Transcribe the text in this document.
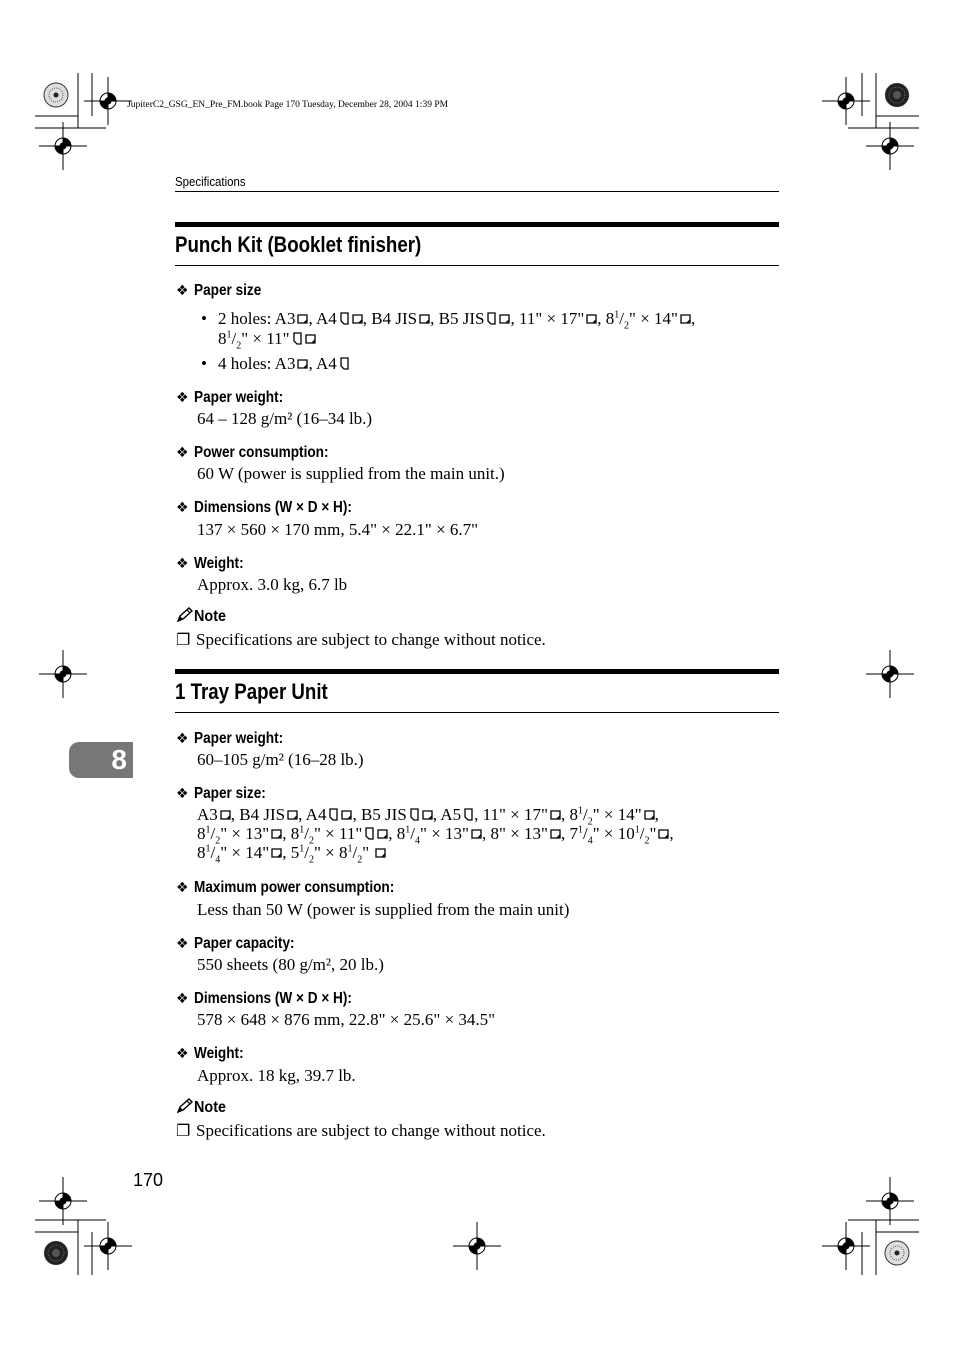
JupiterC2_GSG_EN_Pre_FM.book Page 170 Tuesday, December 28, 2004 1:39 PM
Specifications
Punch Kit (Booklet finisher)
❖ Paper size
• 2 holes: A3 , A4 , B4 JIS , B5 JIS , 11" × 17" , $8^1/_2$" × 14" ,
$8^1/_2$" × 11"
• 4 holes: A3 , A4
❖ Paper weight:
64 – 128 g/m² (16–34 lb.)
❖ Power consumption:
60 W (power is supplied from the main unit.)
❖ Dimensions (W × D × H):
137 × 560 × 170 mm, 5.4" × 22.1" × 6.7"
❖ Weight:
Approx. 3.0 kg, 6.7 lb
Note
❐ Specifications are subject to change without notice.
1 Tray Paper Unit
❖ Paper weight:
60–105 g/m² (16–28 lb.)
❖ Paper size:
A3 , B4 JIS , A4 , B5 JIS , A5 , 11" × 17" , $8^1/_2$" × 14" ,
$8^1/_2$" × 13" , $8^1/_2$" × 11" , $8^1/_4$" × 13" , 8" × 13" , $7^1/_4$" × $10^1/_2$" ,
$8^1/_4$" × 14" , $5^1/_2$" × $8^1/_2$"
❖ Maximum power consumption:
Less than 50 W (power is supplied from the main unit)
❖ Paper capacity:
550 sheets (80 g/m², 20 lb.)
❖ Dimensions (W × D × H):
578 × 648 × 876 mm, 22.8" × 25.6" × 34.5"
❖ Weight:
Approx. 18 kg, 39.7 lb.
Note
❐ Specifications are subject to change without notice.
8
170
